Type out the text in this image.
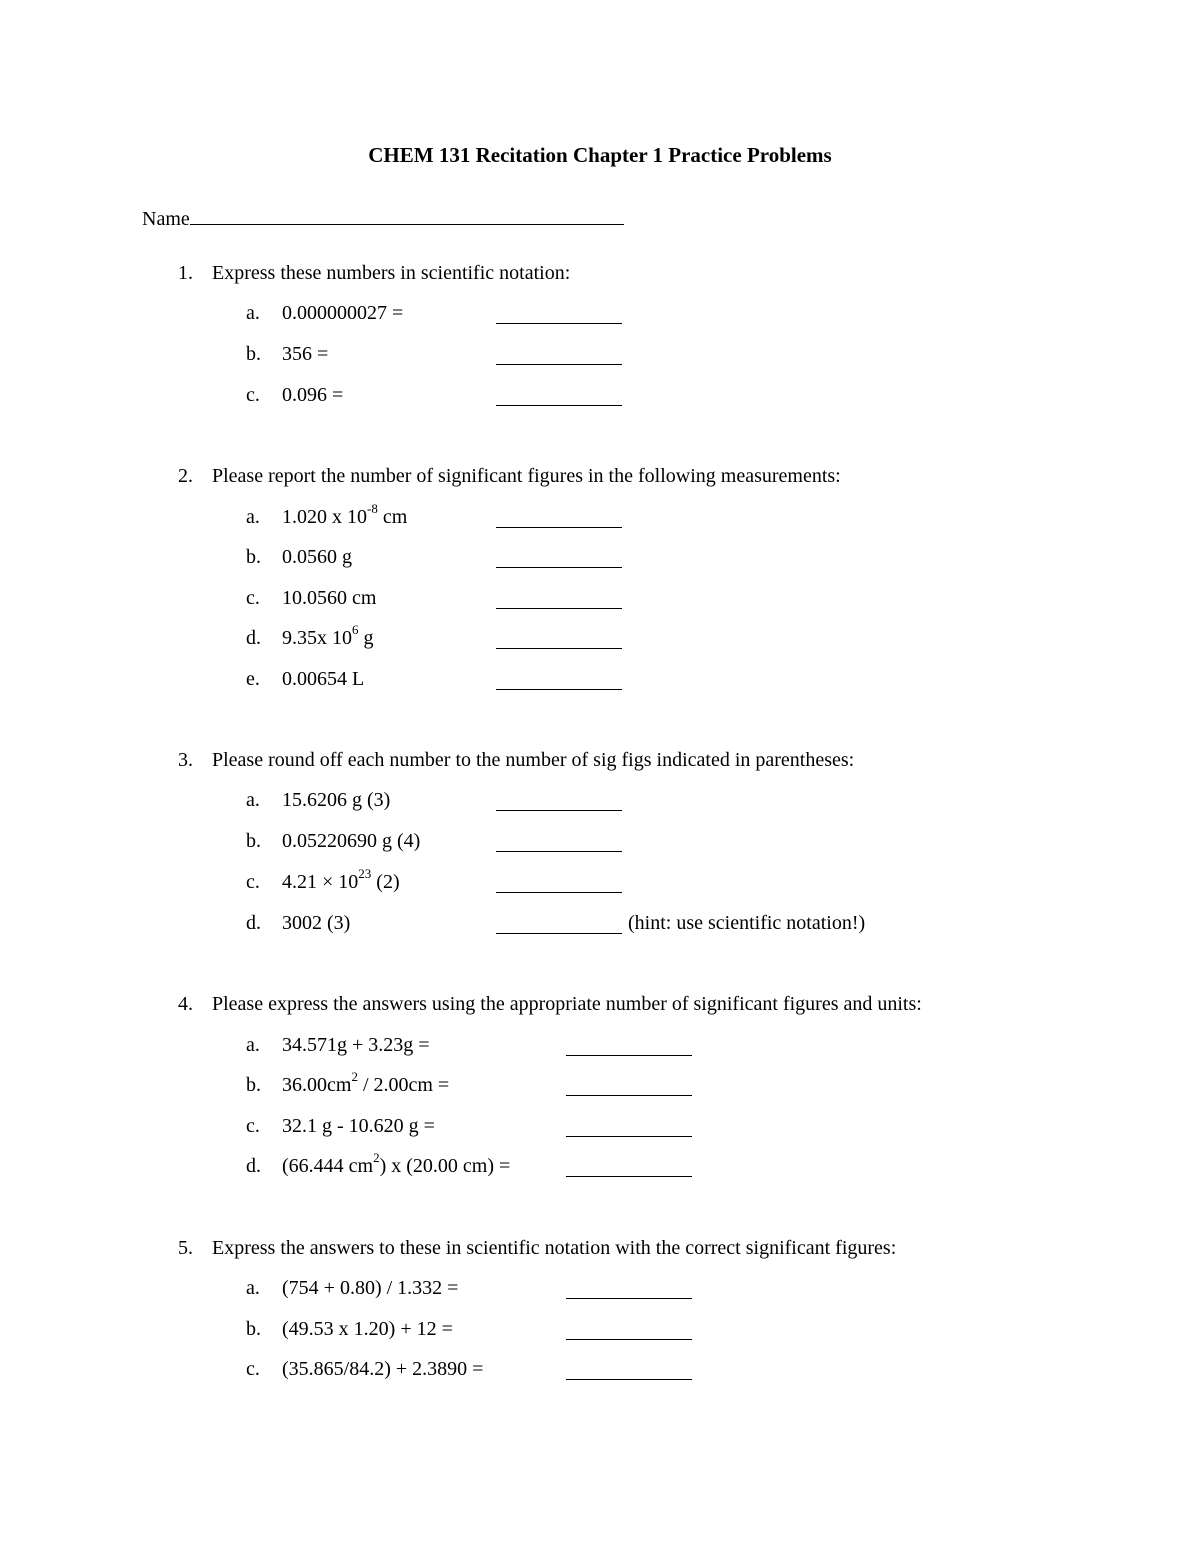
CHEM 131 Recitation Chapter 1 Practice Problems
Name
1. Express these numbers in scientific notation:
a. 0.000000027 =
b. 356 =
c. 0.096 =
2. Please report the number of significant figures in the following measurements:
a. 1.020 x $10^{-8}$ cm
b. 0.0560 g
c. 10.0560 cm
d. 9.35x $10^6$ g
e. 0.00654 L
3. Please round off each number to the number of sig figs indicated in parentheses:
a. 15.6206 g (3)
b. 0.05220690 g (4)
c. $4.21 \times 10^{23}$ (2)
d. 3002 (3)	(hint: use scientific notation!)
4. Please express the answers using the appropriate number of significant figures and units:
a. 34.571g + 3.23g =
b. $36.00cm^2 / 2.00cm$ =
c. 32.1 g - 10.620 g =
d. (66.444 $cm^2$) x (20.00 cm) =
5. Express the answers to these in scientific notation with the correct significant figures:
a. (754 + 0.80) / 1.332 =
b. (49.53 x 1.20) + 12 =
c. (35.865/84.2) + 2.3890 =
